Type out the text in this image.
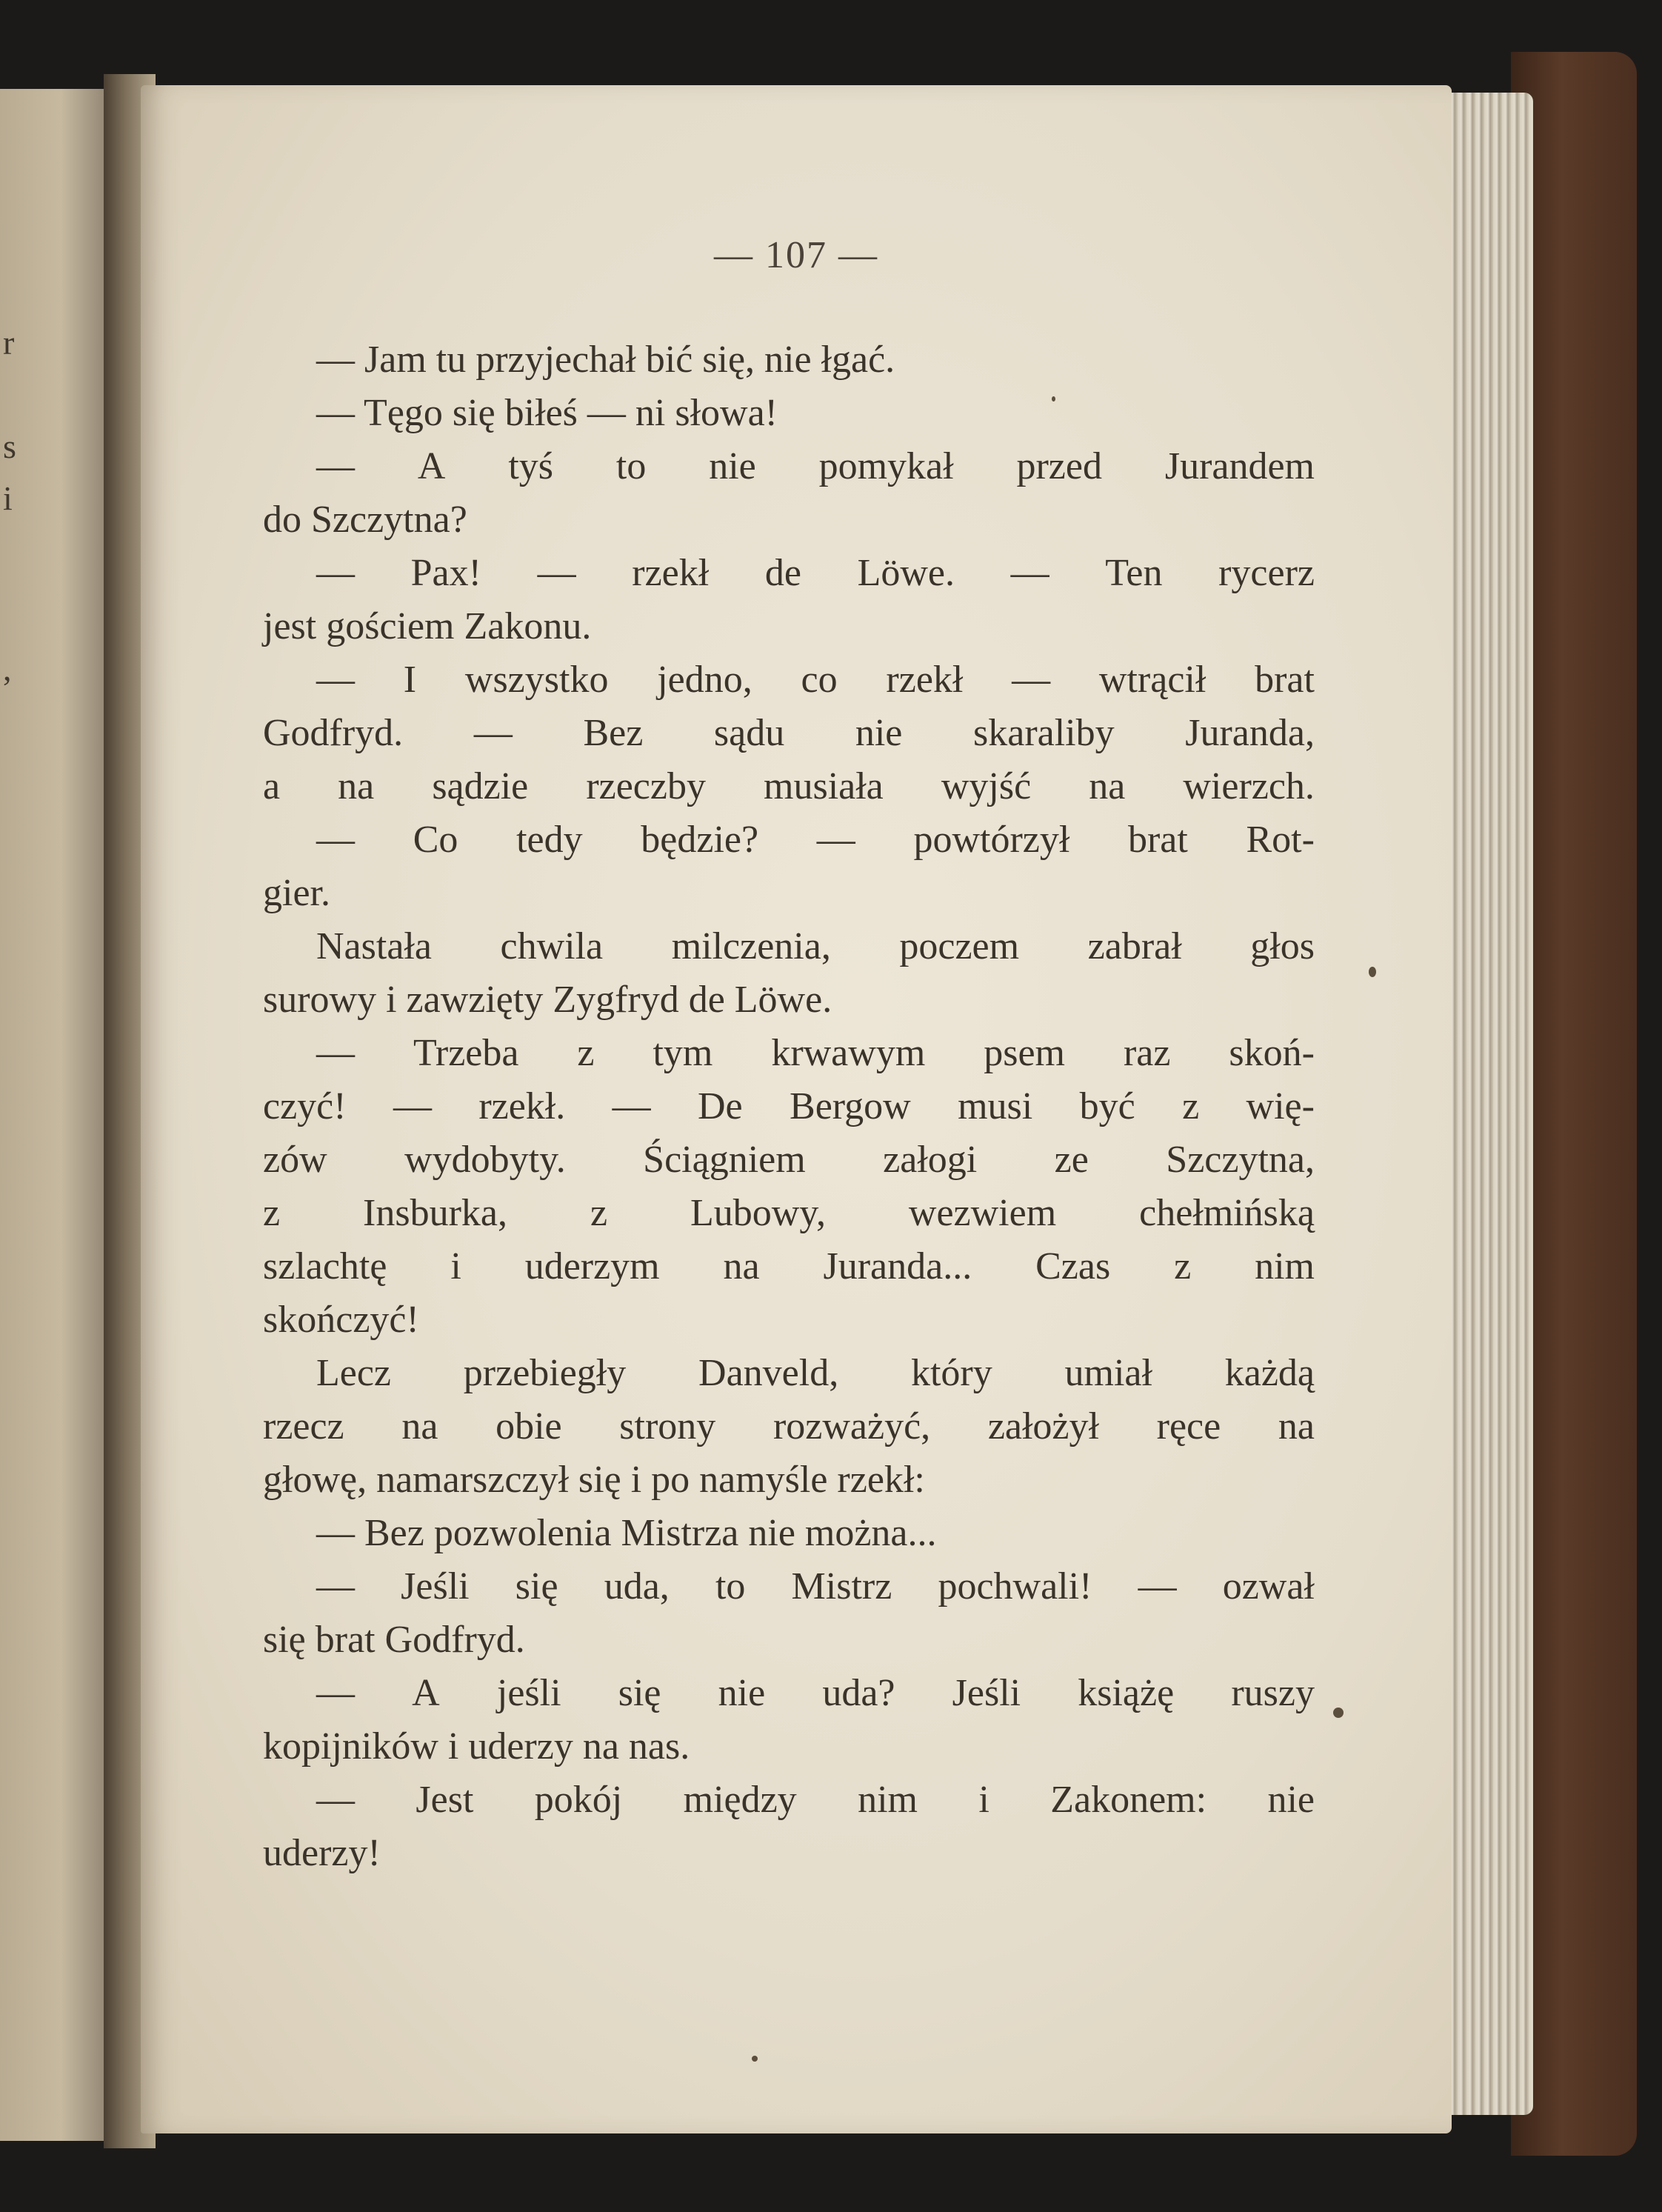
r
s
i
,
— 107 —
— Jam tu przyjechał bić się, nie łgać.
— Tęgo się biłeś — ni słowa!
— A tyś to nie pomykał przed Jurandem
do Szczytna?
— Pax! — rzekł de Löwe. — Ten rycerz
jest gościem Zakonu.
— I wszystko jedno, co rzekł — wtrącił brat
Godfryd. — Bez sądu nie skaraliby Juranda,
a na sądzie rzeczby musiała wyjść na wierzch.
— Co tedy będzie? — powtórzył brat Rot-
gier.
Nastała chwila milczenia, poczem zabrał głos
surowy i zawzięty Zygfryd de Löwe.
— Trzeba z tym krwawym psem raz skoń-
czyć! — rzekł. — De Bergow musi być z wię-
zów wydobyty. Ściągniem załogi ze Szczytna,
z Insburka, z Lubowy, wezwiem chełmińską
szlachtę i uderzym na Juranda... Czas z nim
skończyć!
Lecz przebiegły Danveld, który umiał każdą
rzecz na obie strony rozważyć, założył ręce na
głowę, namarszczył się i po namyśle rzekł:
— Bez pozwolenia Mistrza nie można...
— Jeśli się uda, to Mistrz pochwali! — ozwał
się brat Godfryd.
— A jeśli się nie uda? Jeśli książę ruszy
kopijników i uderzy na nas.
— Jest pokój między nim i Zakonem: nie
uderzy!
